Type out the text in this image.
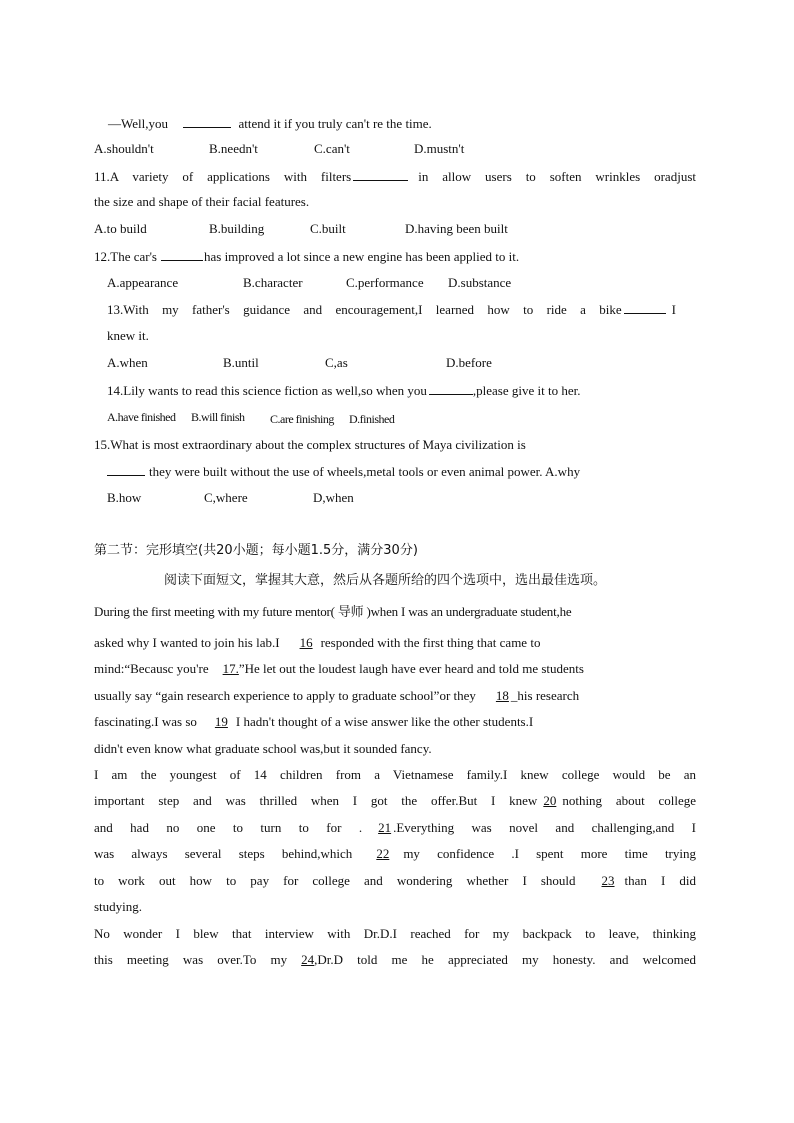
—Well,you	attend it if you truly can't re the time.
A.shouldn't	B.needn't	C.can't	D.mustn't
11.A variety of applications with filters	in allow users to soften wrinkles oradjust
the size and shape of their facial features.
A.to build	B.building	C.built	D.having been built
12.The car's	has improved a lot since a new engine has been applied to it.
A.appearance	B.character	C.performance D.substance
13.With my father's guidance and encouragement,I learned how to ride a bike	I
knew it.
A.when	B.until	C,as	D.before
14.Lily wants to read this science fiction as well,so when you	,please give it to her.
A.have finished B.will finish C.are finishing D.finished
15.What is most extraordinary about the complex structures of Maya civilization is
they were built without the use of wheels,metal tools or even animal power. A.why
B.how	C,where	D,when
第二节：完形填空(共20小题；每小题1.5分，满分30分)
阅读下面短文，掌握其大意，然后从各题所给的四个选项中，选出最佳选项。
During the first meeting with my future mentor( 导师 )when I was an undergraduate student,he
asked why I wanted to join his lab.I 16 responded with the first thing that came to
mind:“Becausc you're 17.”He let out the loudest laugh have ever heard and told me students
usually say “gain research experience to apply to graduate school”or they 18 _his research
fascinating.I was so 19 I hadn't thought of a wise answer like the other students.I
didn't even know what graduate school was,but it sounded fancy.
I am the youngest of 14 children from a Vietnamese family.I knew college would be an
important step and was thrilled when I got the offer.But I knew 20 nothing about college
and had no one to turn to for . 21 .Everything was novel and challenging,and I
was always several steps behind,which 22 my confidence .I spent more time trying
to work out how to pay for college and wondering whether I should 23 than I did
studying.
No wonder I blew that interview with Dr.D.I reached for my backpack to leave, thinking
this meeting was over.To my 24,Dr.D told me he appreciated my honesty. and welcomed
